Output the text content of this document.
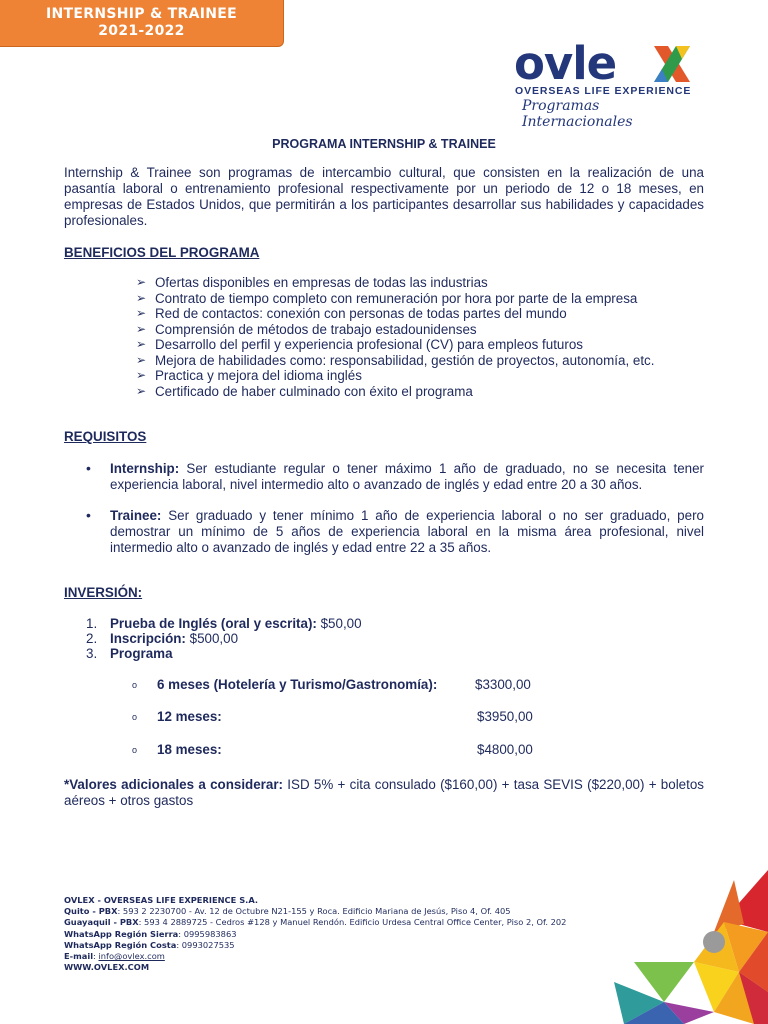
INTERNSHIP & TRAINEE
2021-2022
ovle
OVERSEAS LIFE EXPERIENCE
Programas Internacionales
PROGRAMA INTERNSHIP & TRAINEE

Internship & Trainee son programas de intercambio cultural, que consisten en la realización de una pasantía laboral o entrenamiento profesional respectivamente por un periodo de 12 o 18 meses, en empresas de Estados Unidos, que permitirán a los participantes desarrollar sus habilidades y capacidades profesionales.

BENEFICIOS DEL PROGRAMA
➢ Ofertas disponibles en empresas de todas las industrias
➢ Contrato de tiempo completo con remuneración por hora por parte de la empresa
➢ Red de contactos: conexión con personas de todas partes del mundo
➢ Comprensión de métodos de trabajo estadounidenses
➢ Desarrollo del perfil y experiencia profesional (CV) para empleos futuros
➢ Mejora de habilidades como: responsabilidad, gestión de proyectos, autonomía, etc.
➢ Practica y mejora del idioma inglés
➢ Certificado de haber culminado con éxito el programa
REQUISITOS
• Internship: Ser estudiante regular o tener máximo 1 año de graduado, no se necesita tener experiencia laboral, nivel intermedio alto o avanzado de inglés y edad entre 20 a 30 años.

• Trainee: Ser graduado y tener mínimo 1 año de experiencia laboral o no ser graduado, pero demostrar un mínimo de 5 años de experiencia laboral en la misma área profesional, nivel intermedio alto o avanzado de inglés y edad entre 22 a 35 años.

INVERSIÓN:
1. Prueba de Inglés (oral y escrita): $50,00
2. Inscripción: $500,00
3. Programa
o 6 meses (Hotelería y Turismo/Gastronomía):	$3300,00
o 12 meses:	$3950,00
o 18 meses:	$4800,00

*Valores adicionales a considerar: ISD 5% + cita consulado ($160,00) + tasa SEVIS ($220,00) + boletos aéreos + otros gastos

OVLEX - OVERSEAS LIFE EXPERIENCE S.A.
Quito - PBX: 593 2 2230700 - Av. 12 de Octubre N21-155 y Roca. Edificio Mariana de Jesús, Piso 4, Of. 405
Guayaquil - PBX: 593 4 2889725 - Cedros #128 y Manuel Rendón. Edificio Urdesa Central Office Center, Piso 2, Of. 202
WhatsApp Región Sierra: 0995983863
WhatsApp Región Costa: 0993027535
E-mail: info@ovlex.com
WWW.OVLEX.COM
